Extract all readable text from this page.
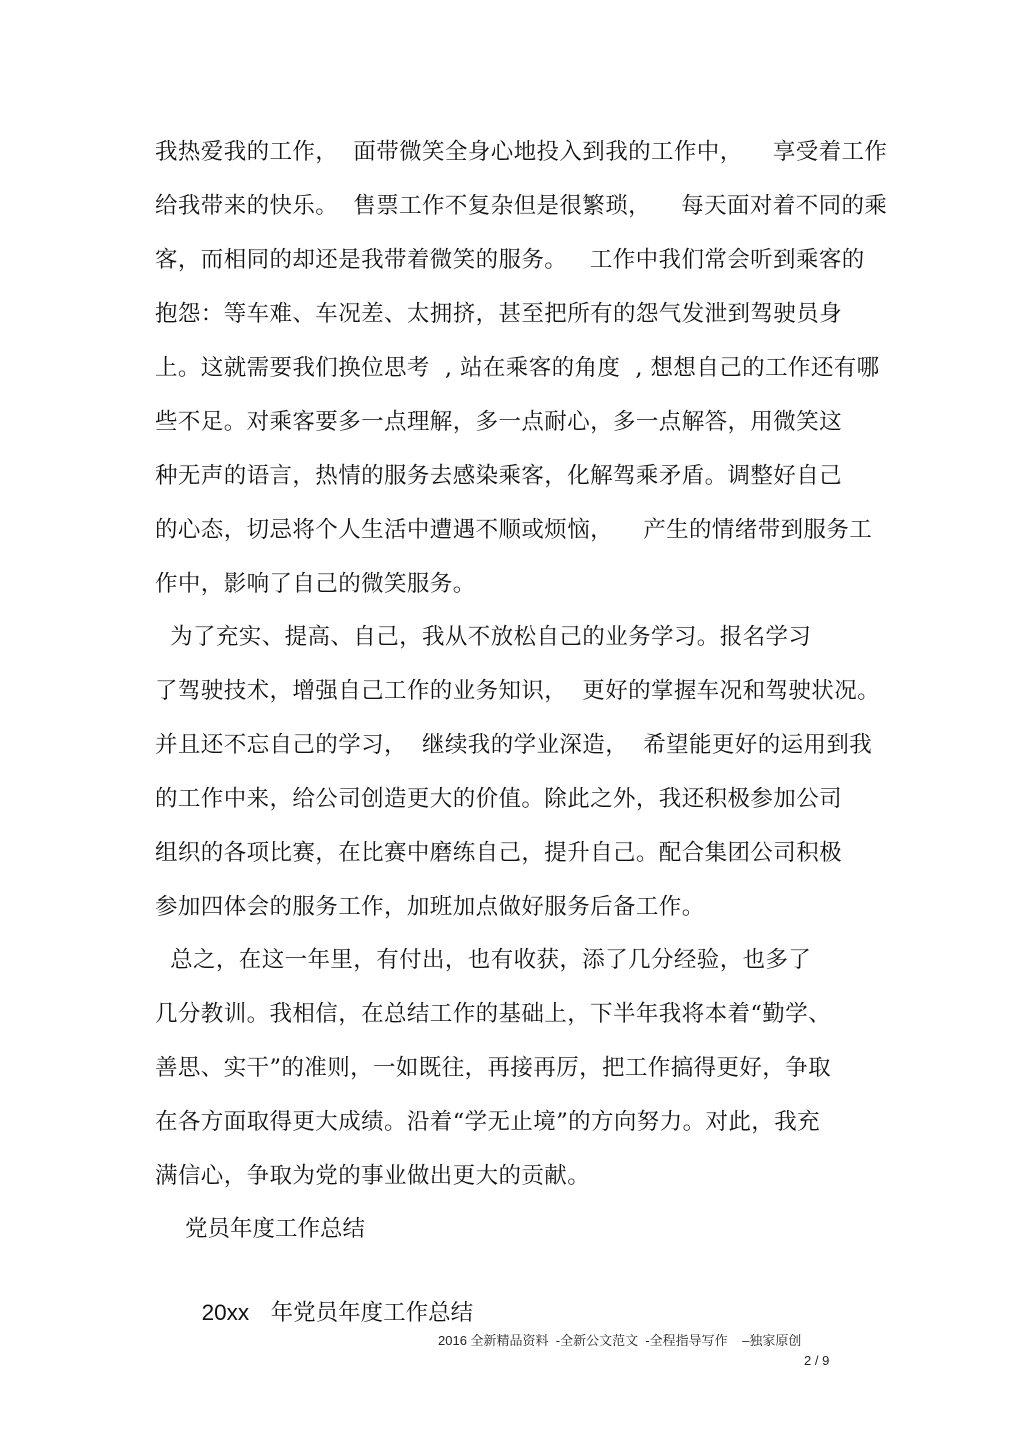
我热爱我的工作，  面带微笑全身心地投入到我的工作中，    享受着工作
给我带来的快乐。  售票工作不复杂但是很繁琐，    每天面对着不同的乘
客，而相同的却还是我带着微笑的服务。   工作中我们常会听到乘客的
抱怨：等车难、车况差、太拥挤，甚至把所有的怨气发泄到驾驶员身
上。这就需要我们换位思考  , 站在乘客的角度  , 想想自己的工作还有哪
些不足。对乘客要多一点理解，多一点耐心，多一点解答，用微笑这
种无声的语言，热情的服务去感染乘客，化解驾乘矛盾。调整好自己
的心态，切忌将个人生活中遭遇不顺或烦恼，    产生的情绪带到服务工
作中，影响了自己的微笑服务。
为了充实、提高、自己，我从不放松自己的业务学习。报名学习
了驾驶技术，增强自己工作的业务知识，  更好的掌握车况和驾驶状况。
并且还不忘自己的学习，  继续我的学业深造，  希望能更好的运用到我
的工作中来，给公司创造更大的价值。除此之外，我还积极参加公司
组织的各项比赛，在比赛中磨练自己，提升自己。配合集团公司积极
参加四体会的服务工作，加班加点做好服务后备工作。
总之，在这一年里，有付出，也有收获，添了几分经验，也多了
几分教训。我相信，在总结工作的基础上，下半年我将本着“勤学、
善思、实干”的准则，一如既往，再接再厉，把工作搞得更好，争取
在各方面取得更大成绩。沿着“学无止境”的方向努力。对此，我充
满信心，争取为党的事业做出更大的贡献。
党员年度工作总结

20xx 年党员年度工作总结

2016 全新精品资料  -全新公文范文  -全程指导写作    –独家原创
2 / 9
